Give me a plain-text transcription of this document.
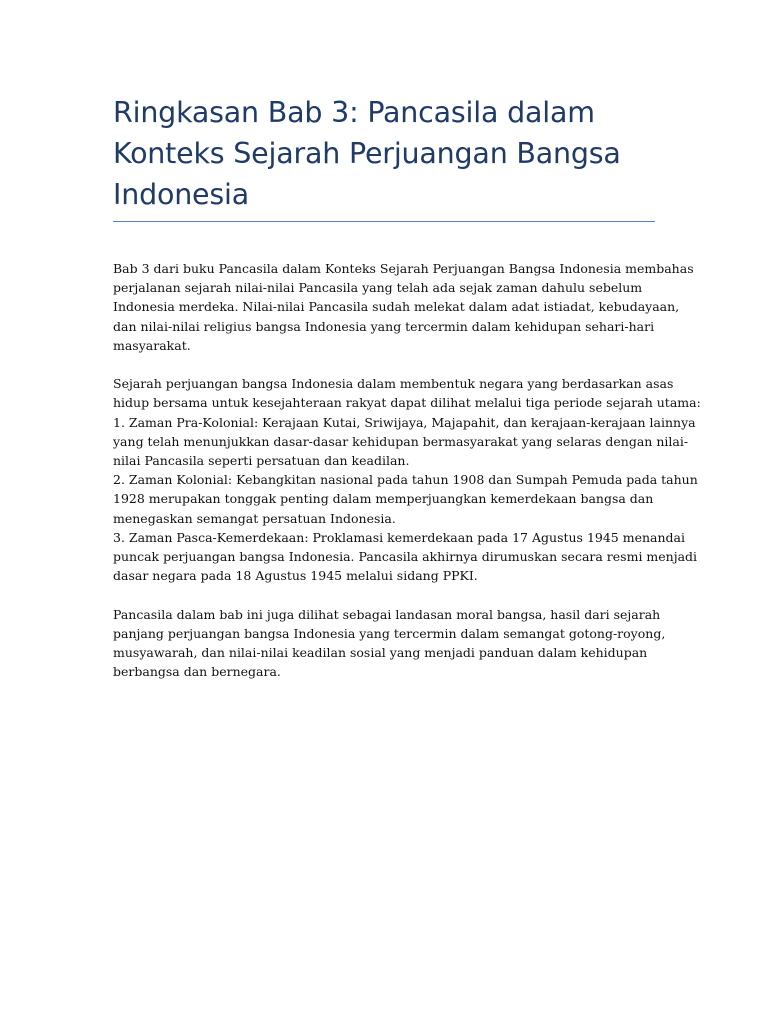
Ringkasan Bab 3: Pancasila dalam
Konteks Sejarah Perjuangan Bangsa
Indonesia

Bab 3 dari buku Pancasila dalam Konteks Sejarah Perjuangan Bangsa Indonesia membahas
perjalanan sejarah nilai-nilai Pancasila yang telah ada sejak zaman dahulu sebelum
Indonesia merdeka. Nilai-nilai Pancasila sudah melekat dalam adat istiadat, kebudayaan,
dan nilai-nilai religius bangsa Indonesia yang tercermin dalam kehidupan sehari-hari
masyarakat.

Sejarah perjuangan bangsa Indonesia dalam membentuk negara yang berdasarkan asas
hidup bersama untuk kesejahteraan rakyat dapat dilihat melalui tiga periode sejarah utama:
1. Zaman Pra-Kolonial: Kerajaan Kutai, Sriwijaya, Majapahit, dan kerajaan-kerajaan lainnya
yang telah menunjukkan dasar-dasar kehidupan bermasyarakat yang selaras dengan nilai-
nilai Pancasila seperti persatuan dan keadilan.
2. Zaman Kolonial: Kebangkitan nasional pada tahun 1908 dan Sumpah Pemuda pada tahun
1928 merupakan tonggak penting dalam memperjuangkan kemerdekaan bangsa dan
menegaskan semangat persatuan Indonesia.
3. Zaman Pasca-Kemerdekaan: Proklamasi kemerdekaan pada 17 Agustus 1945 menandai
puncak perjuangan bangsa Indonesia. Pancasila akhirnya dirumuskan secara resmi menjadi
dasar negara pada 18 Agustus 1945 melalui sidang PPKI.

Pancasila dalam bab ini juga dilihat sebagai landasan moral bangsa, hasil dari sejarah
panjang perjuangan bangsa Indonesia yang tercermin dalam semangat gotong-royong,
musyawarah, dan nilai-nilai keadilan sosial yang menjadi panduan dalam kehidupan
berbangsa dan bernegara.
